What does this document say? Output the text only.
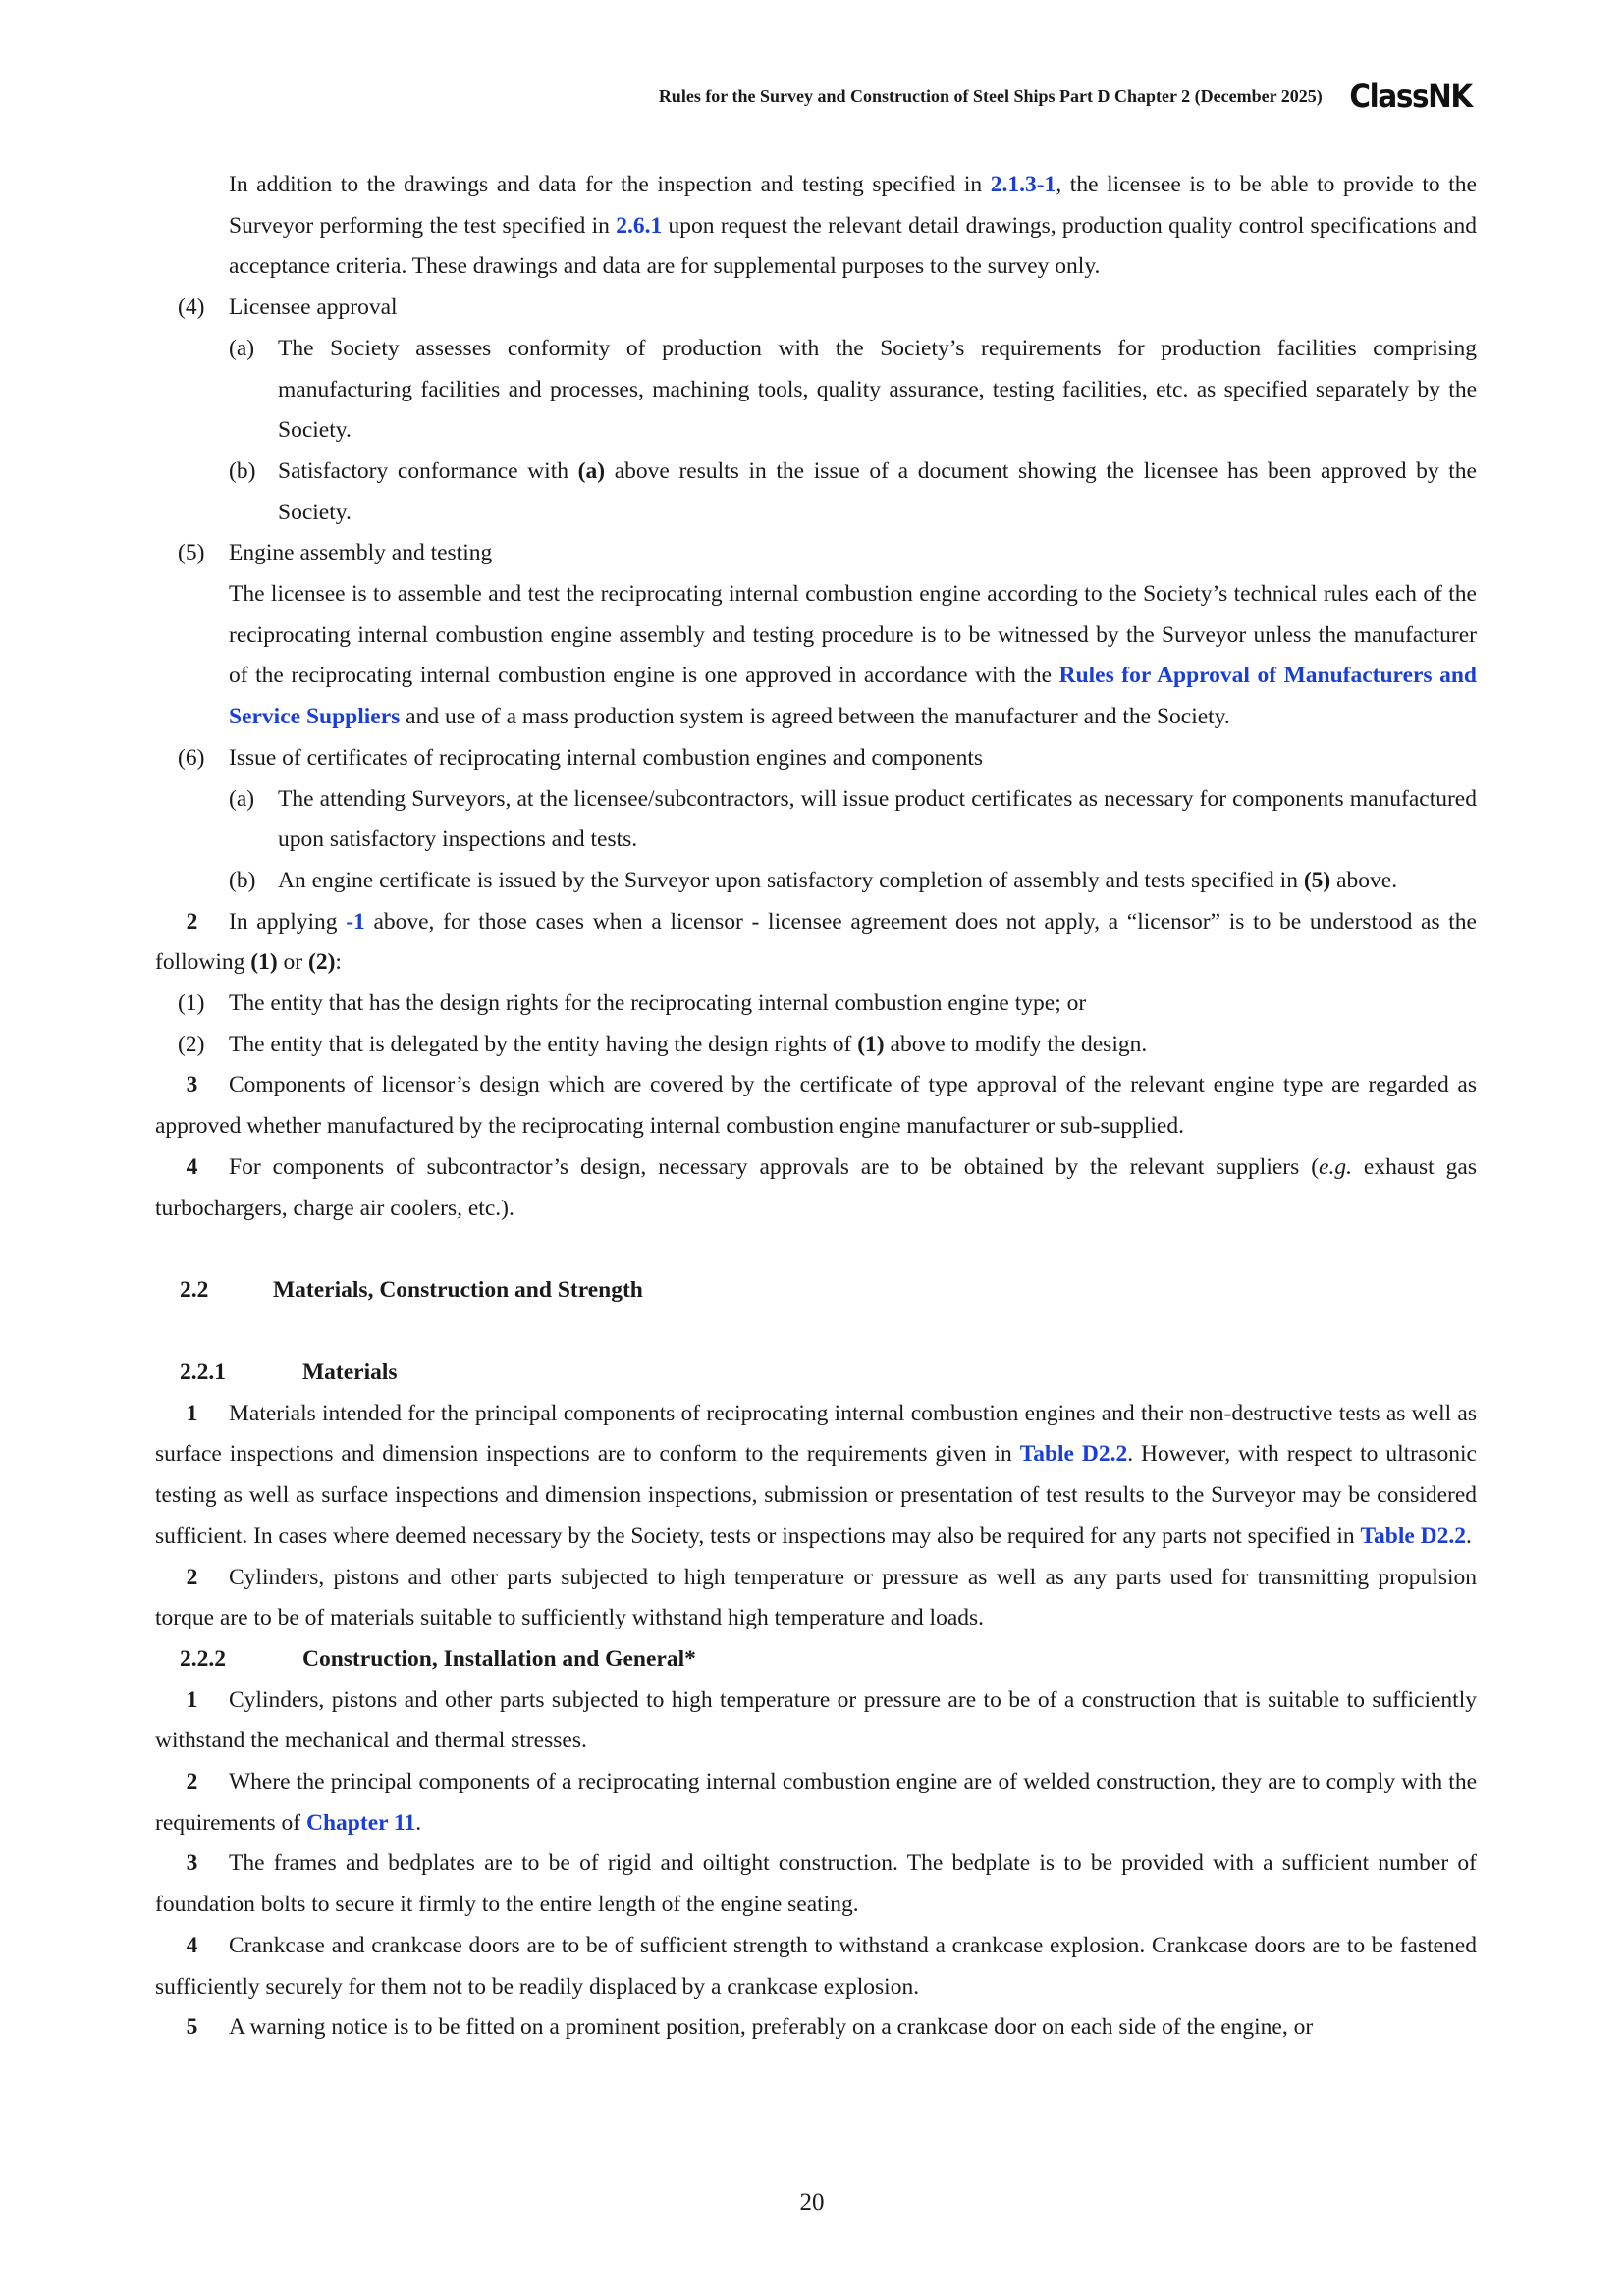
Rules for the Survey and Construction of Steel Ships Part D Chapter 2 (December 2025) ClassNK

In addition to the drawings and data for the inspection and testing specified in 2.1.3-1, the licensee is to be able to provide to the Surveyor performing the test specified in 2.6.1 upon request the relevant detail drawings, production quality control specifications and acceptance criteria. These drawings and data are for supplemental purposes to the survey only.

(4) Licensee approval

(a) The Society assesses conformity of production with the Society’s requirements for production facilities comprising manufacturing facilities and processes, machining tools, quality assurance, testing facilities, etc. as specified separately by the Society.

(b) Satisfactory conformance with (a) above results in the issue of a document showing the licensee has been approved by the Society.

(5) Engine assembly and testing

The licensee is to assemble and test the reciprocating internal combustion engine according to the Society’s technical rules each of the reciprocating internal combustion engine assembly and testing procedure is to be witnessed by the Surveyor unless the manufacturer of the reciprocating internal combustion engine is one approved in accordance with the Rules for Approval of Manufacturers and Service Suppliers and use of a mass production system is agreed between the manufacturer and the Society.

(6) Issue of certificates of reciprocating internal combustion engines and components

(a) The attending Surveyors, at the licensee/subcontractors, will issue product certificates as necessary for components manufactured upon satisfactory inspections and tests.

(b) An engine certificate is issued by the Surveyor upon satisfactory completion of assembly and tests specified in (5) above.

2 In applying -1 above, for those cases when a licensor - licensee agreement does not apply, a “licensor” is to be understood as the following (1) or (2):

(1) The entity that has the design rights for the reciprocating internal combustion engine type; or

(2) The entity that is delegated by the entity having the design rights of (1) above to modify the design.

3 Components of licensor’s design which are covered by the certificate of type approval of the relevant engine type are regarded as approved whether manufactured by the reciprocating internal combustion engine manufacturer or sub-supplied.

4 For components of subcontractor’s design, necessary approvals are to be obtained by the relevant suppliers (e.g. exhaust gas turbochargers, charge air coolers, etc.).

2.2	Materials, Construction and Strength

2.2.1	Materials

1 Materials intended for the principal components of reciprocating internal combustion engines and their non-destructive tests as well as surface inspections and dimension inspections are to conform to the requirements given in Table D2.2. However, with respect to ultrasonic testing as well as surface inspections and dimension inspections, submission or presentation of test results to the Surveyor may be considered sufficient. In cases where deemed necessary by the Society, tests or inspections may also be required for any parts not specified in Table D2.2.

2 Cylinders, pistons and other parts subjected to high temperature or pressure as well as any parts used for transmitting propulsion torque are to be of materials suitable to sufficiently withstand high temperature and loads.

2.2.2	Construction, Installation and General*

1 Cylinders, pistons and other parts subjected to high temperature or pressure are to be of a construction that is suitable to sufficiently withstand the mechanical and thermal stresses.

2 Where the principal components of a reciprocating internal combustion engine are of welded construction, they are to comply with the requirements of Chapter 11.

3 The frames and bedplates are to be of rigid and oiltight construction. The bedplate is to be provided with a sufficient number of foundation bolts to secure it firmly to the entire length of the engine seating.

4 Crankcase and crankcase doors are to be of sufficient strength to withstand a crankcase explosion. Crankcase doors are to be fastened sufficiently securely for them not to be readily displaced by a crankcase explosion.

5 A warning notice is to be fitted on a prominent position, preferably on a crankcase door on each side of the engine, or

20
